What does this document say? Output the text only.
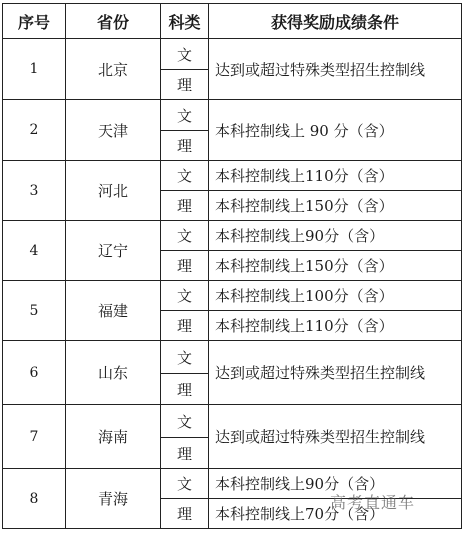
序号	省份	科类	获得奖励成绩条件
1	北京	文	达到或超过特殊类型招生控制线
		理	
2	天津	文	本科控制线上 90 分（含）
		理	
3	河北	文	本科控制线上110分（含）
		理	本科控制线上150分（含）
4	辽宁	文	本科控制线上90分（含）
		理	本科控制线上150分（含）
5	福建	文	本科控制线上100分（含）
		理	本科控制线上110分（含）
6	山东	文	达到或超过特殊类型招生控制线
		理	
7	海南	文	达到或超过特殊类型招生控制线
		理	
8	青海	文	本科控制线上90分（含）
		理	本科控制线上70分（含）
高考直通车
